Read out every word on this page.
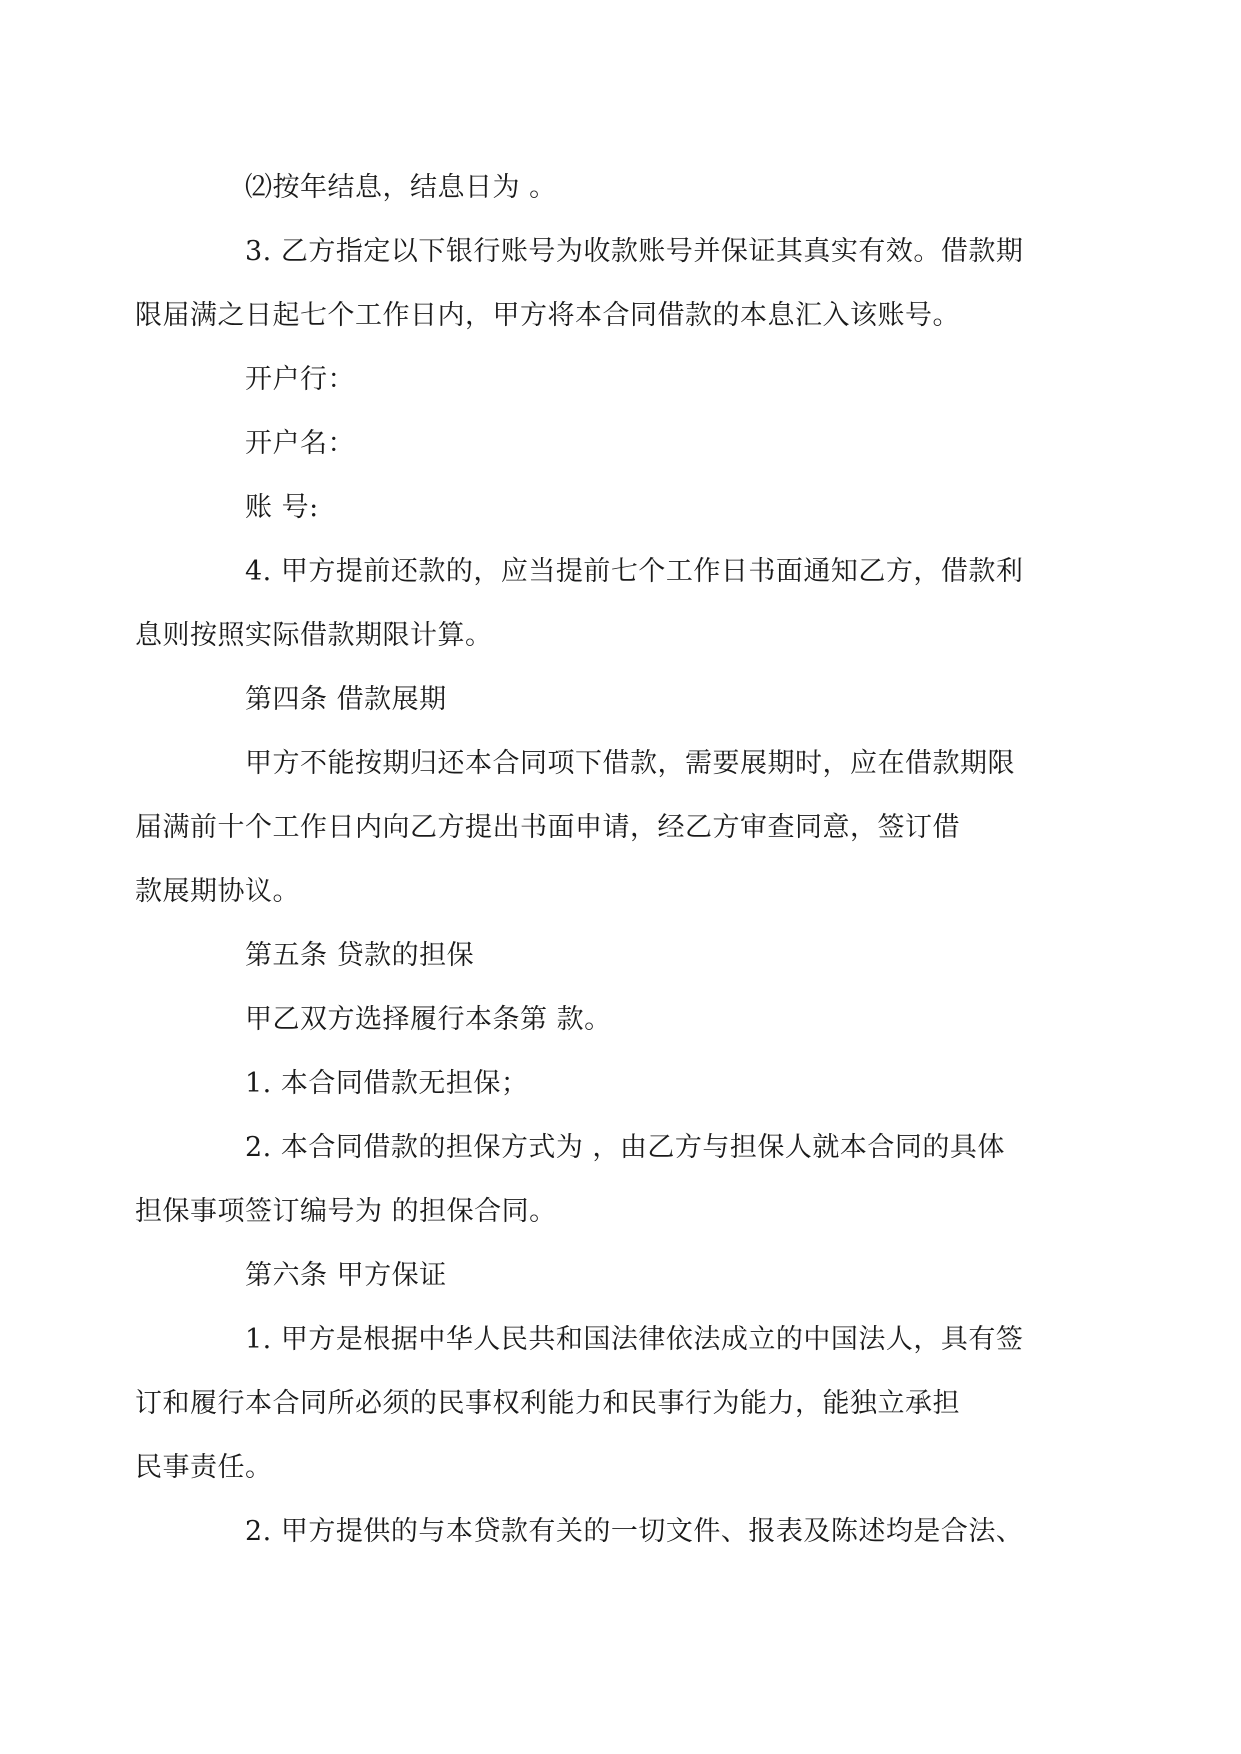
⑵按年结息，结息日为 。

3. 乙方指定以下银行账号为收款账号并保证其真实有效。借款期
限届满之日起七个工作日内，甲方将本合同借款的本息汇入该账号。

开户行：

开户名：

账 号:

4. 甲方提前还款的，应当提前七个工作日书面通知乙方，借款利
息则按照实际借款期限计算。

第四条 借款展期

甲方不能按期归还本合同项下借款，需要展期时，应在借款期限
届满前十个工作日内向乙方提出书面申请，经乙方审查同意，签订借
款展期协议。

第五条 贷款的担保

甲乙双方选择履行本条第 款。

1. 本合同借款无担保；

2. 本合同借款的担保方式为 ，由乙方与担保人就本合同的具体
担保事项签订编号为 的担保合同。

第六条 甲方保证

1. 甲方是根据中华人民共和国法律依法成立的中国法人，具有签
订和履行本合同所必须的民事权利能力和民事行为能力，能独立承担
民事责任。

2. 甲方提供的与本贷款有关的一切文件、报表及陈述均是合法、
